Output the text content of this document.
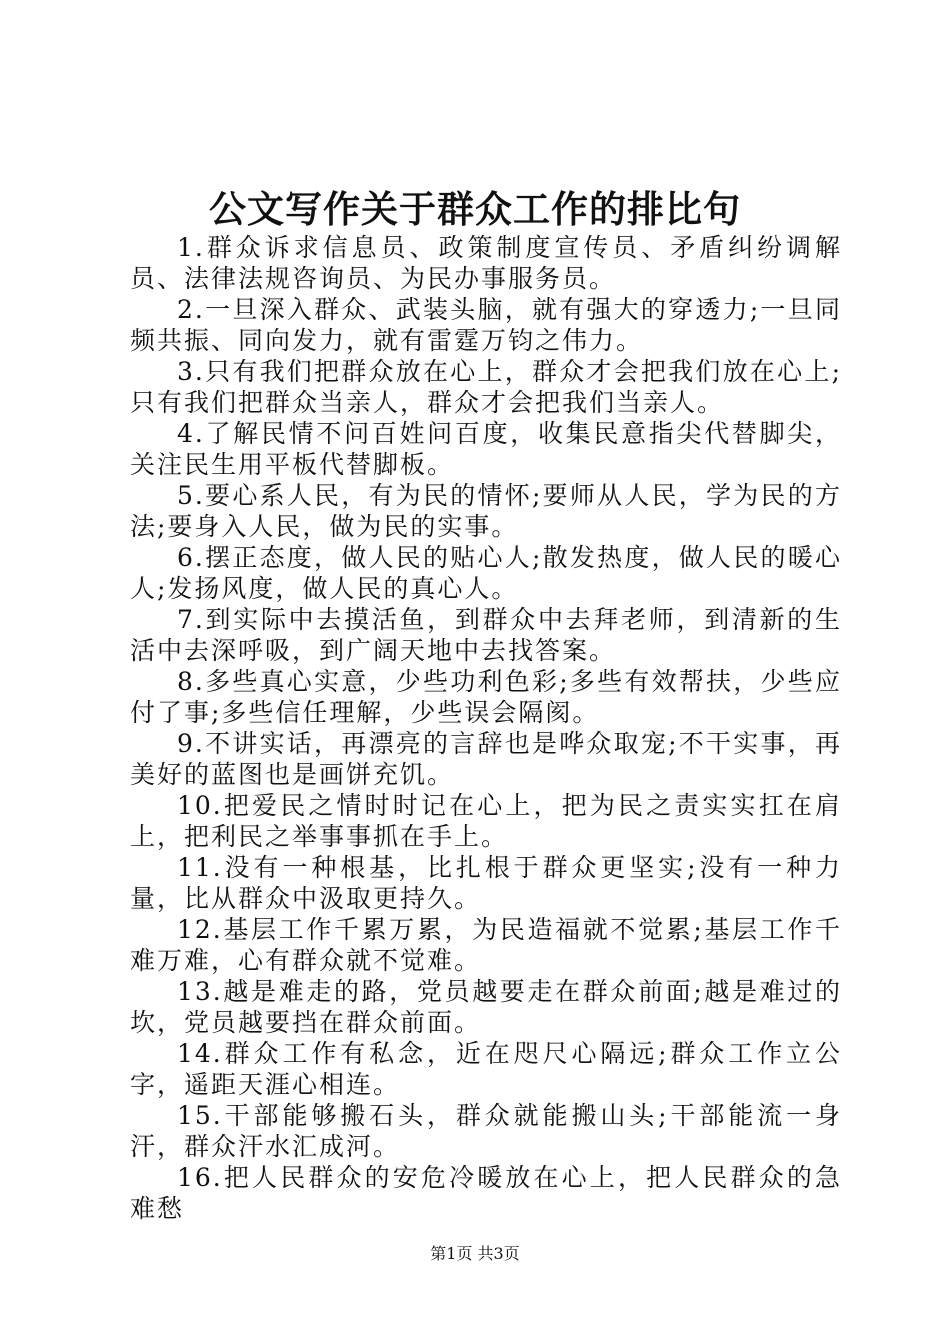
公文写作关于群众工作的排比句

1.群众诉求信息员、政策制度宣传员、矛盾纠纷调解员、法律法规咨询员、为民办事服务员。

2.一旦深入群众、武装头脑，就有强大的穿透力;一旦同频共振、同向发力，就有雷霆万钧之伟力。

3.只有我们把群众放在心上，群众才会把我们放在心上;只有我们把群众当亲人，群众才会把我们当亲人。

4.了解民情不问百姓问百度，收集民意指尖代替脚尖，关注民生用平板代替脚板。

5.要心系人民，有为民的情怀;要师从人民，学为民的方法;要身入人民，做为民的实事。

6.摆正态度，做人民的贴心人;散发热度，做人民的暖心人;发扬风度，做人民的真心人。

7.到实际中去摸活鱼，到群众中去拜老师，到清新的生活中去深呼吸，到广阔天地中去找答案。

8.多些真心实意，少些功利色彩;多些有效帮扶，少些应付了事;多些信任理解，少些误会隔阂。

9.不讲实话，再漂亮的言辞也是哗众取宠;不干实事，再美好的蓝图也是画饼充饥。

10.把爱民之情时时记在心上，把为民之责实实扛在肩上，把利民之举事事抓在手上。

11.没有一种根基，比扎根于群众更坚实;没有一种力量，比从群众中汲取更持久。

12.基层工作千累万累，为民造福就不觉累;基层工作千难万难，心有群众就不觉难。

13.越是难走的路，党员越要走在群众前面;越是难过的坎，党员越要挡在群众前面。

14.群众工作有私念，近在咫尺心隔远;群众工作立公字，遥距天涯心相连。

15.干部能够搬石头，群众就能搬山头;干部能流一身汗，群众汗水汇成河。

16.把人民群众的安危冷暖放在心上，把人民群众的急难愁

第1页 共3页
